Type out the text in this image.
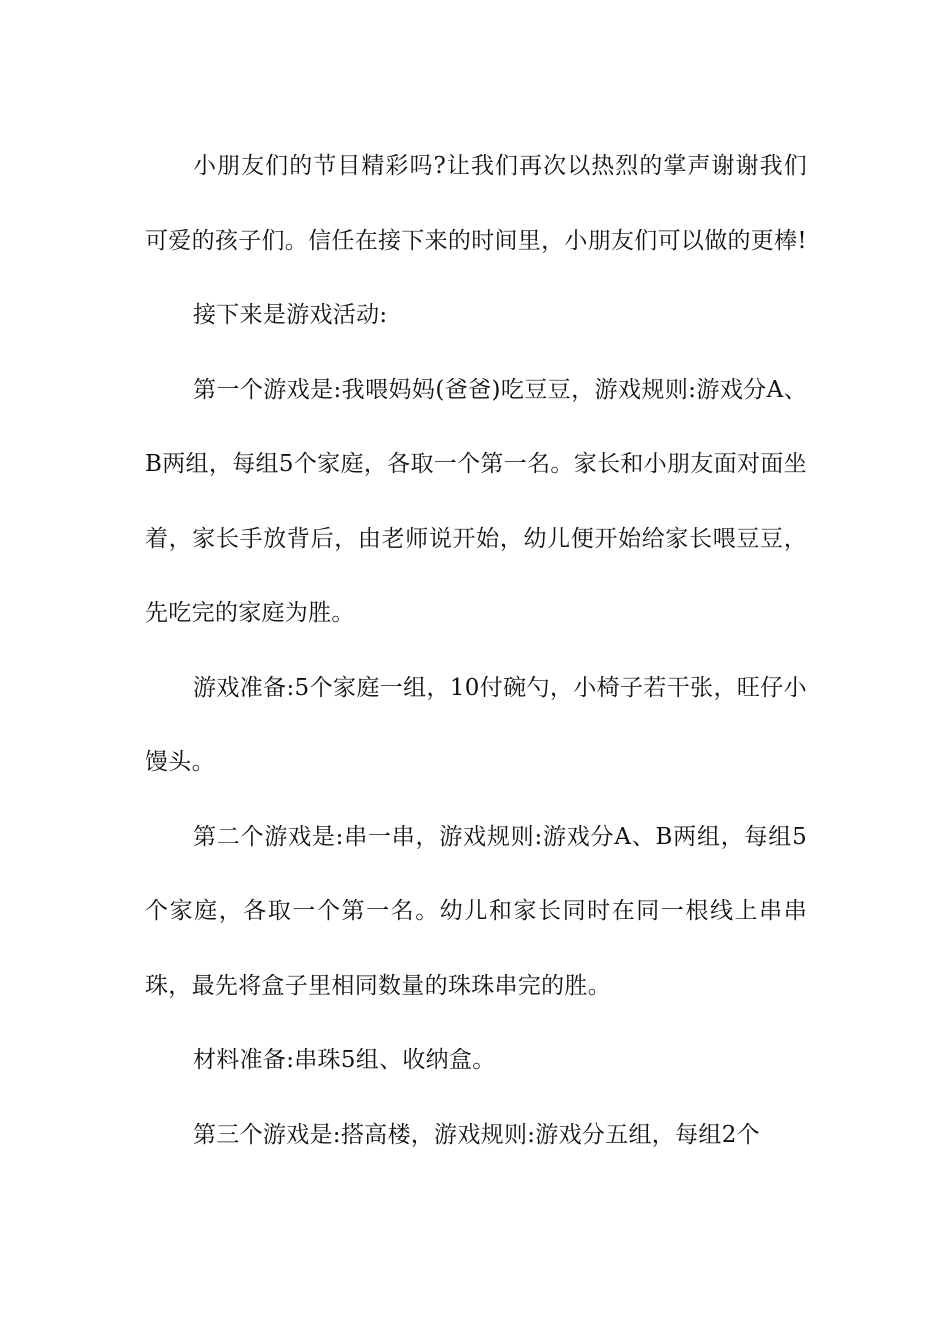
小朋友们的节目精彩吗?让我们再次以热烈的掌声谢谢我们可爱的孩子们。信任在接下来的时间里，小朋友们可以做的更棒!

接下来是游戏活动:

第一个游戏是:我喂妈妈(爸爸)吃豆豆，游戏规则:游戏分A、B两组，每组5个家庭，各取一个第一名。家长和小朋友面对面坐着，家长手放背后，由老师说开始，幼儿便开始给家长喂豆豆，先吃完的家庭为胜。

游戏准备:5个家庭一组，10付碗勺，小椅子若干张，旺仔小馒头。

第二个游戏是:串一串，游戏规则:游戏分A、B两组，每组5个家庭，各取一个第一名。幼儿和家长同时在同一根线上串串珠，最先将盒子里相同数量的珠珠串完的胜。

材料准备:串珠5组、收纳盒。

第三个游戏是:搭高楼，游戏规则:游戏分五组，每组2个
